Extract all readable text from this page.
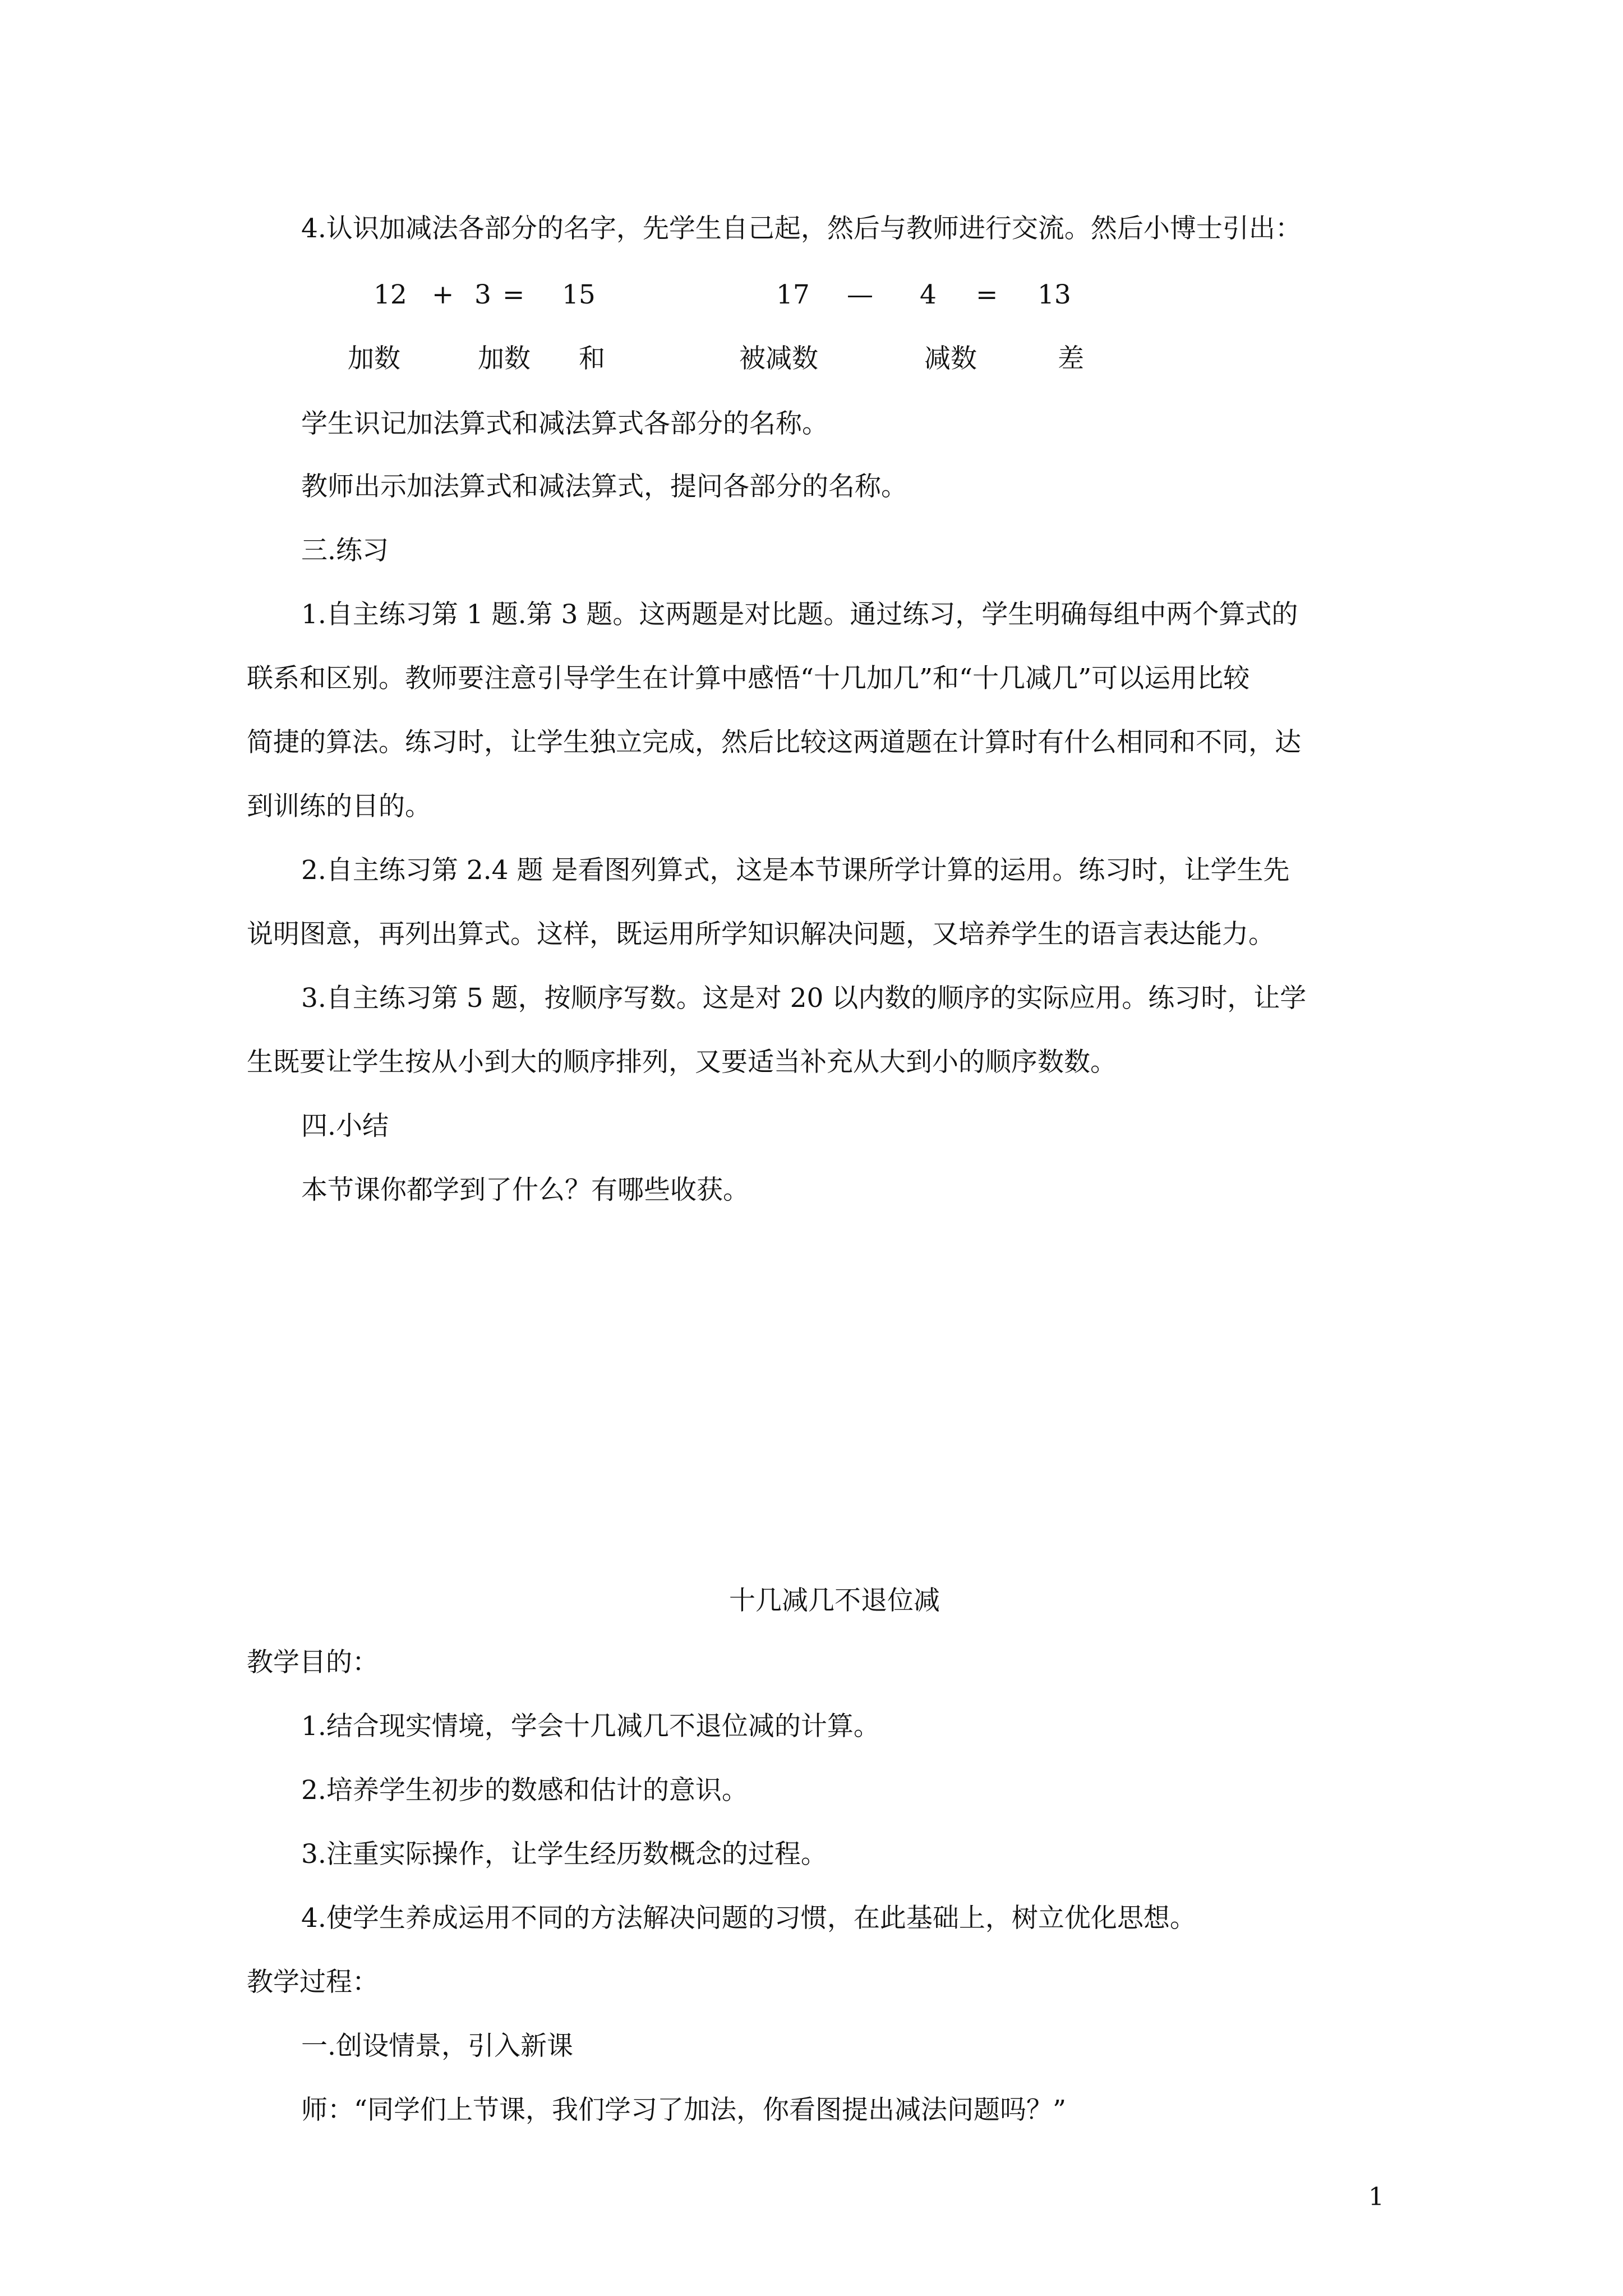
4.认识加减法各部分的名字，先学生自己起，然后与教师进行交流。然后小博士引出：
12 + 3 = 15	17 — 4 = 13
加数	加数 和	被减数	减数	差
学生识记加法算式和减法算式各部分的名称。
教师出示加法算式和减法算式，提问各部分的名称。
三.练习
1.自主练习第 1 题.第 3 题。这两题是对比题。通过练习，学生明确每组中两个算式的
联系和区别。教师要注意引导学生在计算中感悟“十几加几”和“十几减几”可以运用比较
简捷的算法。练习时，让学生独立完成，然后比较这两道题在计算时有什么相同和不同，达
到训练的目的。
2.自主练习第 2.4 题 是看图列算式，这是本节课所学计算的运用。练习时，让学生先
说明图意，再列出算式。这样，既运用所学知识解决问题，又培养学生的语言表达能力。
3.自主练习第 5 题，按顺序写数。这是对 20 以内数的顺序的实际应用。练习时，让学
生既要让学生按从小到大的顺序排列，又要适当补充从大到小的顺序数数。
四.小结
本节课你都学到了什么？有哪些收获。
十几减几不退位减
教学目的：
1.结合现实情境，学会十几减几不退位减的计算。
2.培养学生初步的数感和估计的意识。
3.注重实际操作，让学生经历数概念的过程。
4.使学生养成运用不同的方法解决问题的习惯，在此基础上，树立优化思想。
教学过程：
一.创设情景，引入新课
师：“同学们上节课，我们学习了加法，你看图提出减法问题吗？”
1
